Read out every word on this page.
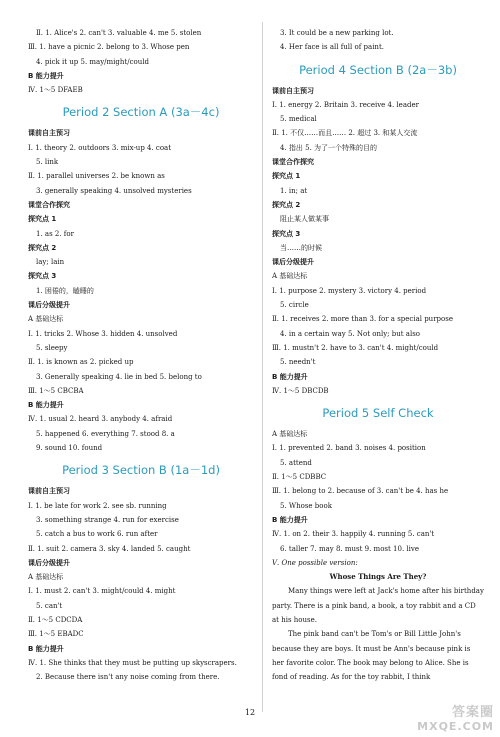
Ⅱ. 1. Alice's 2. can't 3. valuable 4. me 5. stolen
Ⅲ. 1. have a picnic 2. belong to 3. Whose pen
4. pick it up 5. may/might/could
B 能力提升
Ⅳ. 1～5 DFAEB
Period 2 Section A (3a－4c)
课前自主预习
Ⅰ. 1. theory 2. outdoors 3. mix-up 4. coat
5. link
Ⅱ. 1. parallel universes 2. be known as
3. generally speaking 4. unsolved mysteries
课堂合作探究
探究点 1
1. as 2. for
探究点 2
lay; lain
探究点 3
1. 困倦的，瞌睡的
课后分级提升
A 基础达标
Ⅰ. 1. tricks 2. Whose 3. hidden 4. unsolved
5. sleepy
Ⅱ. 1. is known as 2. picked up
3. Generally speaking 4. lie in bed 5. belong to
Ⅲ. 1～5 CBCBA
B 能力提升
Ⅳ. 1. usual 2. heard 3. anybody 4. afraid
5. happened 6. everything 7. stood 8. a
9. sound 10. found
Period 3 Section B (1a－1d)
课前自主预习
Ⅰ. 1. be late for work 2. see sb. running
3. something strange 4. run for exercise
5. catch a bus to work 6. run after
Ⅱ. 1. suit 2. camera 3. sky 4. landed 5. caught
课后分级提升
A 基础达标
Ⅰ. 1. must 2. can't 3. might/could 4. might
5. can't
Ⅱ. 1～5 CDCDA
Ⅲ. 1～5 EBADC
B 能力提升
Ⅳ. 1. She thinks that they must be putting up skyscrapers.
2. Because there isn't any noise coming from there.
3. It could be a new parking lot.
4. Her face is all full of paint.
Period 4 Section B (2a－3b)
课前自主预习
Ⅰ. 1. energy 2. Britain 3. receive 4. leader
5. medical
Ⅱ. 1. 不仅……而且…… 2. 超过 3. 和某人交流
4. 指出 5. 为了一个特殊的目的
课堂合作探究
探究点 1
1. in; at
探究点 2
阻止某人做某事
探究点 3
当……的时候
课后分级提升
A 基础达标
Ⅰ. 1. purpose 2. mystery 3. victory 4. period
5. circle
Ⅱ. 1. receives 2. more than 3. for a special purpose
4. in a certain way 5. Not only; but also
Ⅲ. 1. mustn't 2. have to 3. can't 4. might/could
5. needn't
B 能力提升
Ⅳ. 1～5 DBCDB
Period 5 Self Check
A 基础达标
Ⅰ. 1. prevented 2. band 3. noises 4. position
5. attend
Ⅱ. 1～5 CDBBC
Ⅲ. 1. belong to 2. because of 3. can't be 4. has he
5. Whose book
B 能力提升
Ⅳ. 1. on 2. their 3. happily 4. running 5. can't
6. taller 7. may 8. must 9. most 10. live
Ⅴ. One possible version:
Whose Things Are They?
Many things were left at Jack's home after his birthday party. There is a pink band, a book, a toy rabbit and a CD at his house.
The pink band can't be Tom's or Bill Little John's because they are boys. It must be Ann's because pink is her favorite color. The book may belong to Alice. She is fond of reading. As for the toy rabbit, I think
12	答案圈
MXQE.COM
